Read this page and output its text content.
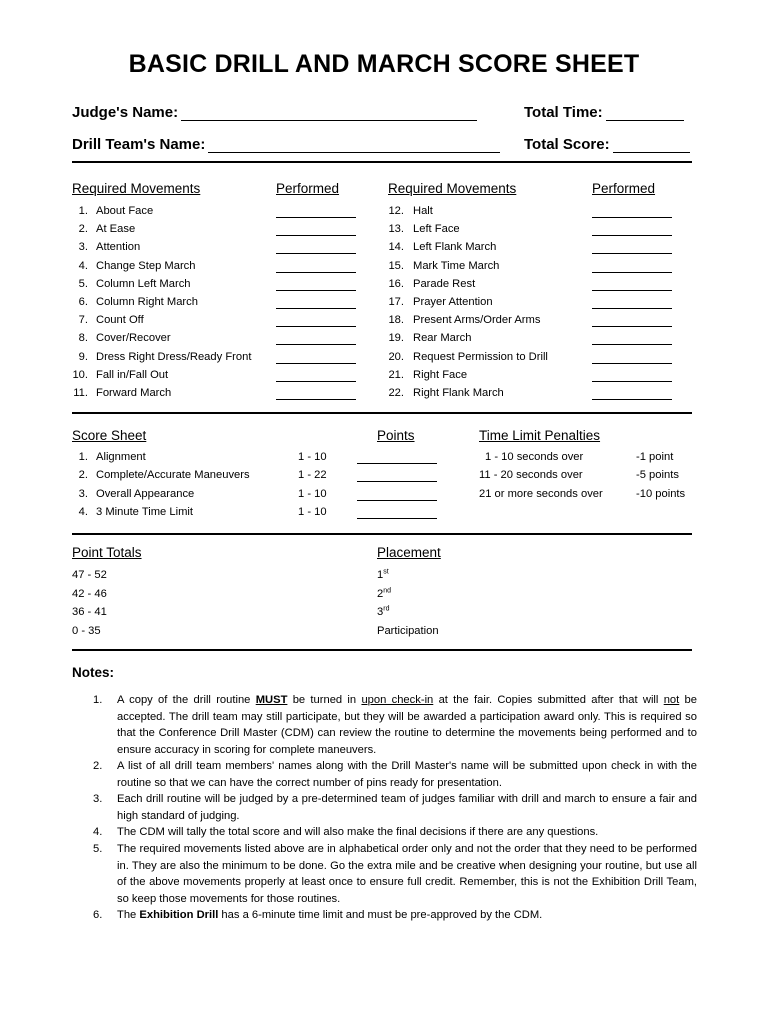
BASIC DRILL AND MARCH SCORE SHEET
Judge's Name:	Total Time:
Drill Team's Name:	Total Score:
Required Movements	Performed	Required Movements	Performed
1. About Face
2. At Ease
3. Attention
4. Change Step March
5. Column Left March
6. Column Right March
7. Count Off
8. Cover/Recover
9. Dress Right Dress/Ready Front
10. Fall in/Fall Out
11. Forward March
12. Halt
13. Left Face
14. Left Flank March
15. Mark Time March
16. Parade Rest
17. Prayer Attention
18. Present Arms/Order Arms
19. Rear March
20. Request Permission to Drill
21. Right Face
22. Right Flank March
Score Sheet	Points	Time Limit Penalties
1. Alignment	1 - 10
2. Complete/Accurate Maneuvers	1 - 22
3. Overall Appearance	1 - 10
4. 3 Minute Time Limit	1 - 10
1 - 10 seconds over	-1 point
11 - 20 seconds over	-5 points
21 or more seconds over	-10 points
Point Totals	Placement
47 - 52	1st
42 - 46	2nd
36 - 41	3rd
0 - 35	Participation
Notes:
1. A copy of the drill routine MUST be turned in upon check-in at the fair. Copies submitted after that will not be accepted. The drill team may still participate, but they will be awarded a participation award only. This is required so that the Conference Drill Master (CDM) can review the routine to determine the movements being performed and to ensure accuracy in scoring for complete maneuvers.
2. A list of all drill team members' names along with the Drill Master's name will be submitted upon check in with the routine so that we can have the correct number of pins ready for presentation.
3. Each drill routine will be judged by a pre-determined team of judges familiar with drill and march to ensure a fair and high standard of judging.
4. The CDM will tally the total score and will also make the final decisions if there are any questions.
5. The required movements listed above are in alphabetical order only and not the order that they need to be performed in. They are also the minimum to be done. Go the extra mile and be creative when designing your routine, but use all of the above movements properly at least once to ensure full credit. Remember, this is not the Exhibition Drill Team, so keep those movements for those routines.
6. The Exhibition Drill has a 6-minute time limit and must be pre-approved by the CDM.
